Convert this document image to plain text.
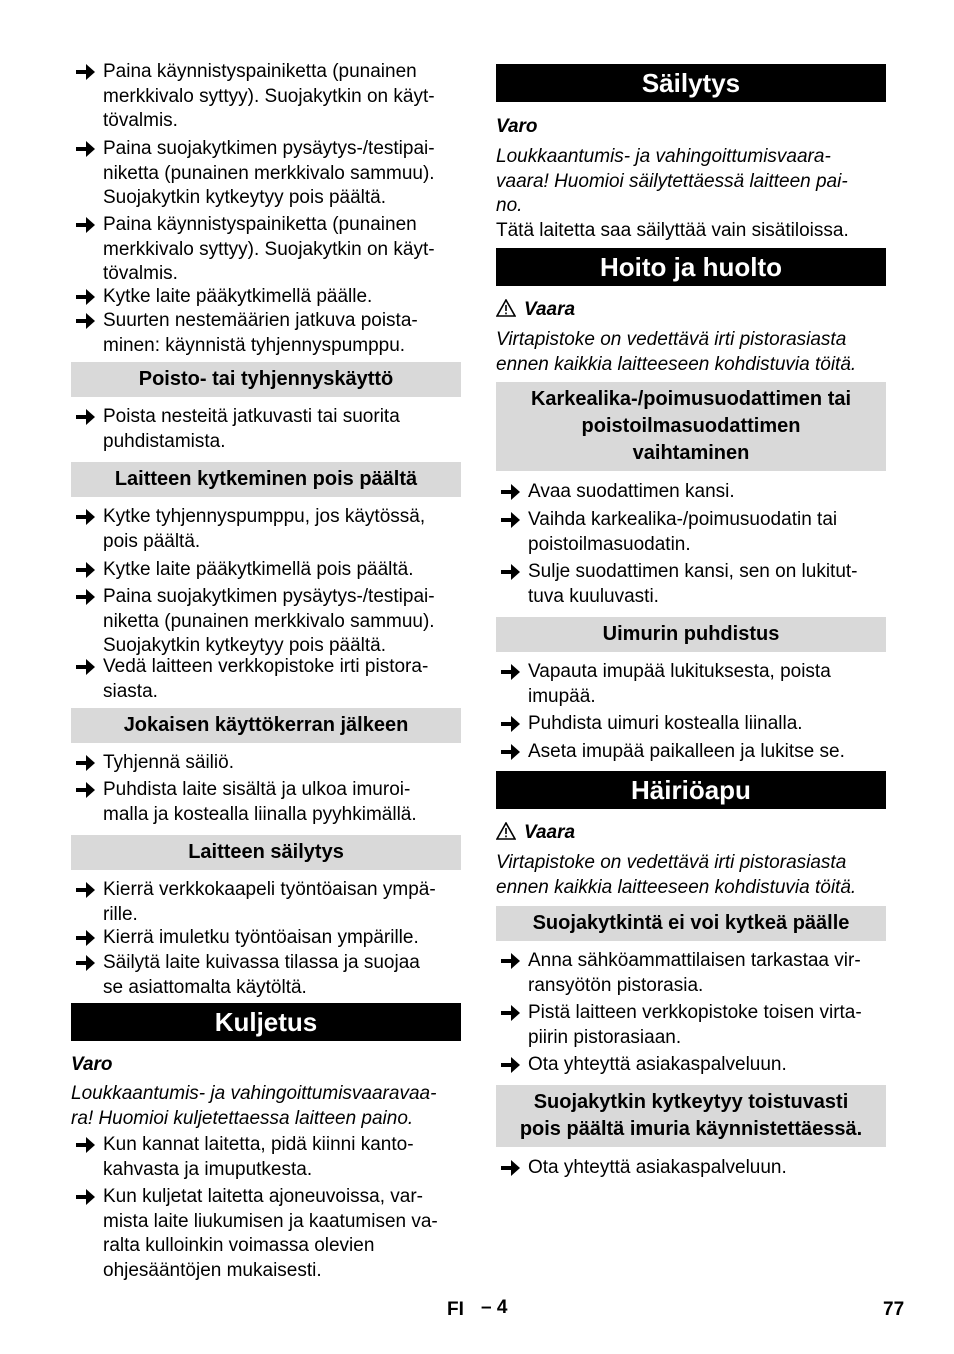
Paina käynnistyspainiketta (punainen
merkkivalo syttyy). Suojakytkin on käyt-
tövalmis.
Paina suojakytkimen pysäytys-/testipai-
niketta (punainen merkkivalo sammuu).
Suojakytkin kytkeytyy pois päältä.
Paina käynnistyspainiketta (punainen
merkkivalo syttyy). Suojakytkin on käyt-
tövalmis.
Kytke laite pääkytkimellä päälle.
Suurten nestemäärien jatkuva poista-
minen: käynnistä tyhjennyspumppu.
Poisto- tai tyhjennyskäyttö
Poista nesteitä jatkuvasti tai suorita
puhdistamista.
Laitteen kytkeminen pois päältä
Kytke tyhjennyspumppu, jos käytössä,
pois päältä.
Kytke laite pääkytkimellä pois päältä.
Paina suojakytkimen pysäytys-/testipai-
niketta (punainen merkkivalo sammuu).
Suojakytkin kytkeytyy pois päältä.
Vedä laitteen verkkopistoke irti pistora-
siasta.
Jokaisen käyttökerran jälkeen
Tyhjennä säiliö.
Puhdista laite sisältä ja ulkoa imuroi-
malla ja kostealla liinalla pyyhkimällä.
Laitteen säilytys
Kierrä verkkokaapeli työntöaisan ympä-
rille.
Kierrä imuletku työntöaisan ympärille.
Säilytä laite kuivassa tilassa ja suojaa
se asiattomalta käytöltä.
Kuljetus
Varo
Loukkaantumis- ja vahingoittumisvaaravaa-
ra! Huomioi kuljetettaessa laitteen paino.
Kun kannat laitetta, pidä kiinni kanto-
kahvasta ja imuputkesta.
Kun kuljetat laitetta ajoneuvoissa, var-
mista laite liukumisen ja kaatumisen va-
ralta kulloinkin voimassa olevien
ohjesääntöjen mukaisesti.
Säilytys
Varo
Loukkaantumis- ja vahingoittumisvaara-
vaara! Huomioi säilytettäessä laitteen pai-
no.
Tätä laitetta saa säilyttää vain sisätiloissa.
Hoito ja huolto
Vaara
Virtapistoke on vedettävä irti pistorasiasta
ennen kaikkia laitteeseen kohdistuvia töitä.
Karkealika-/poimusuodattimen tai
poistoilmasuodattimen
vaihtaminen
Avaa suodattimen kansi.
Vaihda karkealika-/poimusuodatin tai
poistoilmasuodatin.
Sulje suodattimen kansi, sen on lukitut-
tuva kuuluvasti.
Uimurin puhdistus
Vapauta imupää lukituksesta, poista
imupää.
Puhdista uimuri kostealla liinalla.
Aseta imupää paikalleen ja lukitse se.
Häiriöapu
Vaara
Virtapistoke on vedettävä irti pistorasiasta
ennen kaikkia laitteeseen kohdistuvia töitä.
Suojakytkintä ei voi kytkeä päälle
Anna sähköammattilaisen tarkastaa vir-
ransyötön pistorasia.
Pistä laitteen verkkopistoke toisen virta-
piirin pistorasiaan.
Ota yhteyttä asiakaspalveluun.
Suojakytkin kytkeytyy toistuvasti
pois päältä imuria käynnistettäessä.
Ota yhteyttä asiakaspalveluun.
FI – 4	77
